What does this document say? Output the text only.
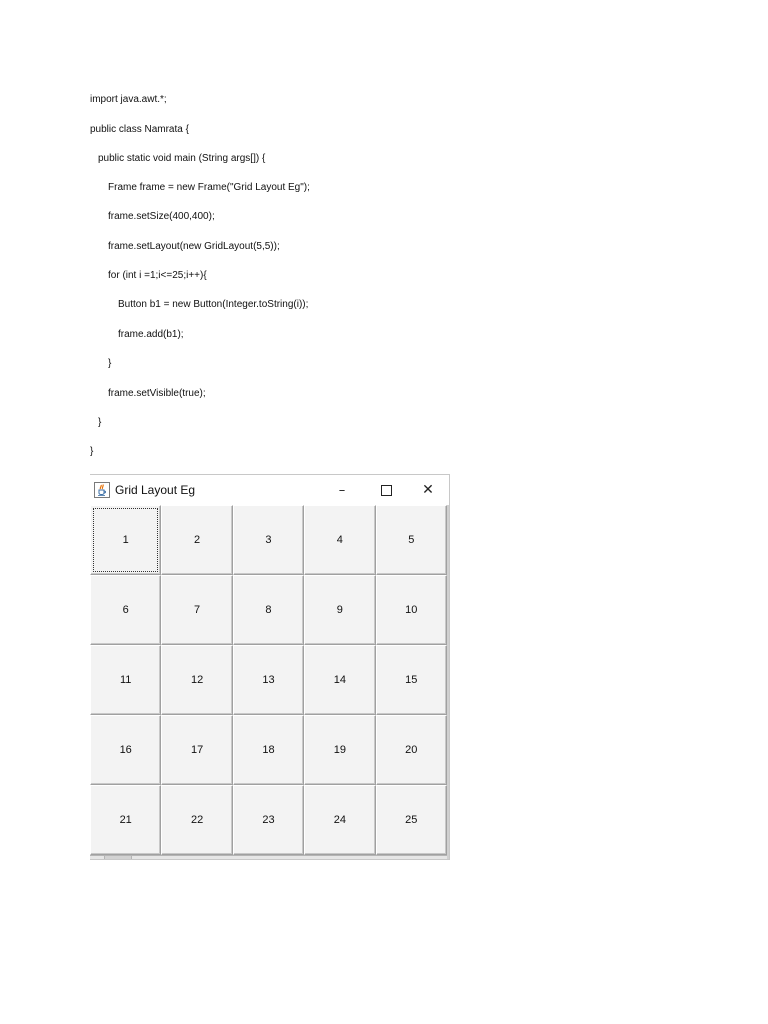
import java.awt.*;
public class Namrata {
public static void main (String args[]) {
Frame frame = new Frame("Grid Layout Eg");
frame.setSize(400,400);
frame.setLayout(new GridLayout(5,5));
for (int i =1;i<=25;i++){
Button b1 = new Button(Integer.toString(i));
frame.add(b1);
}
frame.setVisible(true);
}
}
Grid Layout Eg	–	✕
1	2	3	4	5
6	7	8	9	10
11	12	13	14	15
16	17	18	19	20
21	22	23	24	25
